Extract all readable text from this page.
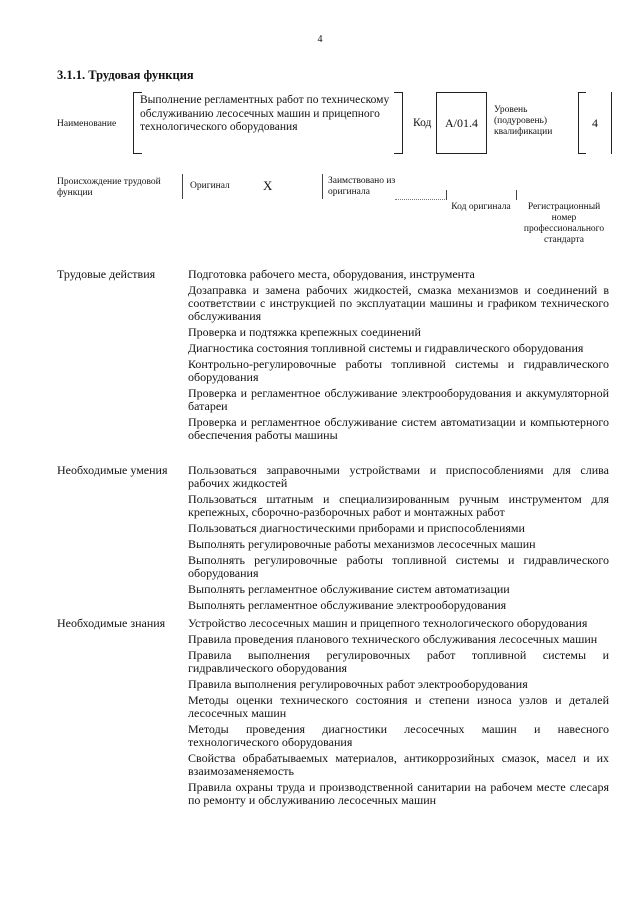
4
3.1.1. Трудовая функция
Наименование
Выполнение регламентных работ по техническому обслуживанию лесосечных машин и прицепного технологического оборудования	Код A/01.4
Уровень (подуровень) квалификации
4
Происхождение трудовой функции
Оригинал	X	Заимствовано из оригинала
Код оригинала	Регистрационный номер профессионального стандарта
Трудовые действия	Подготовка рабочего места, оборудования, инструмента

Дозаправка и замена рабочих жидкостей, смазка механизмов и соединений в соответствии с инструкцией по эксплуатации машины и графиком технического обслуживания

Проверка и подтяжка крепежных соединений

Диагностика состояния топливной системы и гидравлического оборудования

Контрольно-регулировочные работы топливной системы и гидравлического оборудования

Проверка и регламентное обслуживание электрооборудования и аккумуляторной батареи

Проверка и регламентное обслуживание систем автоматизации и компьютерного обеспечения работы машины

Необходимые умения	Пользоваться заправочными устройствами и приспособлениями для слива рабочих жидкостей

Пользоваться штатным и специализированным ручным инструментом для крепежных, сборочно-разборочных работ и монтажных работ

Пользоваться диагностическими приборами и приспособлениями

Выполнять регулировочные работы механизмов лесосечных машин

Выполнять регулировочные работы топливной системы и гидравлического оборудования

Выполнять регламентное обслуживание систем автоматизации

Выполнять регламентное обслуживание электрооборудования

Необходимые знания	Устройство лесосечных машин и прицепного технологического оборудования

Правила проведения планового технического обслуживания лесосечных машин

Правила выполнения регулировочных работ топливной системы и гидравлического оборудования

Правила выполнения регулировочных работ электрооборудования

Методы оценки технического состояния и степени износа узлов и деталей лесосечных машин

Методы проведения диагностики лесосечных машин и навесного технологического оборудования

Свойства обрабатываемых материалов, антикоррозийных смазок, масел и их взаимозаменяемость

Правила охраны труда и производственной санитарии на рабочем месте слесаря по ремонту и обслуживанию лесосечных машин
